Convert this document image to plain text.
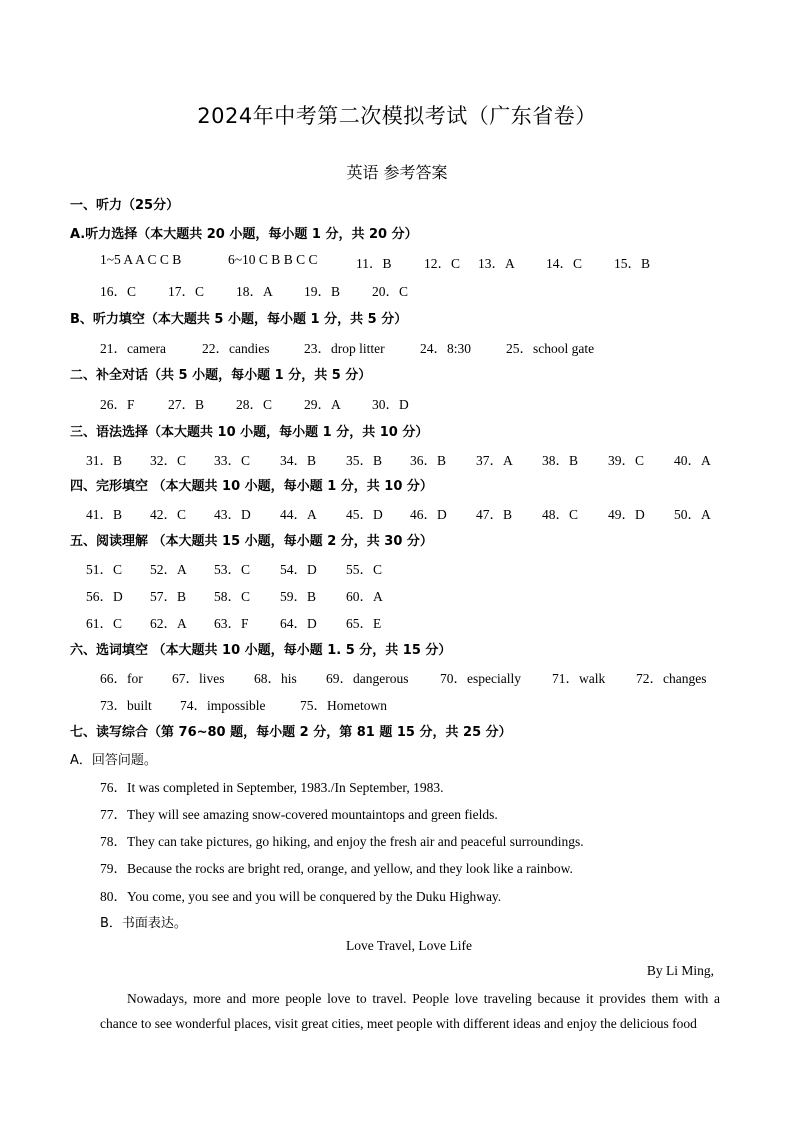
2024年中考第二次模拟考试（广东省卷）
英语 参考答案
一、听力（25分）
A.听力选择（本大题共 20 小题，每小题 1 分，共 20 分）
1~5 A A C C B	6~10 C B B C C	11．B 12．C 13．A 14．C 15．B
16．C 17．C 18．A 19．B 20．C
B、听力填空（本大题共 5 小题，每小题 1 分，共 5 分）
21．camera	22．candies	23．drop litter	24．8:30	25．school gate
二、补全对话（共 5 小题，每小题 1 分，共 5 分）
26．F 27．B 28．C 29．A 30．D
三、语法选择（本大题共 10 小题，每小题 1 分，共 10 分）
31．B 32．C 33．C 34．B 35．B 36．B 37．A 38．B 39．C 40．A
四、完形填空 （本大题共 10 小题，每小题 1 分，共 10 分）
41．B 42．C 43．D 44．A 45．D 46．D 47．B 48．C 49．D 50．A
五、阅读理解 （本大题共 15 小题，每小题 2 分，共 30 分）
51．C 52．A 53．C 54．D 55．C
56．D 57．B 58．C 59．B 60．A
61．C 62．A 63．F 64．D 65．E
六、选词填空 （本大题共 10 小题，每小题 1. 5 分，共 15 分）
66．for 67．lives 68．his 69．dangerous 70．especially 71．walk 72．changes
73．built 74．impossible	75．Hometown
七、读写综合（第 76~80 题，每小题 2 分，第 81 题 15 分，共 25 分）
A．回答问题。
76．It was completed in September, 1983./In September, 1983.
77．They will see amazing snow-covered mountaintops and green fields.
78．They can take pictures, go hiking, and enjoy the fresh air and peaceful surroundings.
79．Because the rocks are bright red, orange, and yellow, and they look like a rainbow.
80．You come, you see and you will be conquered by the Duku Highway.
B．书面表达。
Love Travel, Love Life
By Li Ming,
Nowadays, more and more people love to travel. People love traveling because it provides them with a chance to see wonderful places, visit great cities, meet people with different ideas and enjoy the delicious food
